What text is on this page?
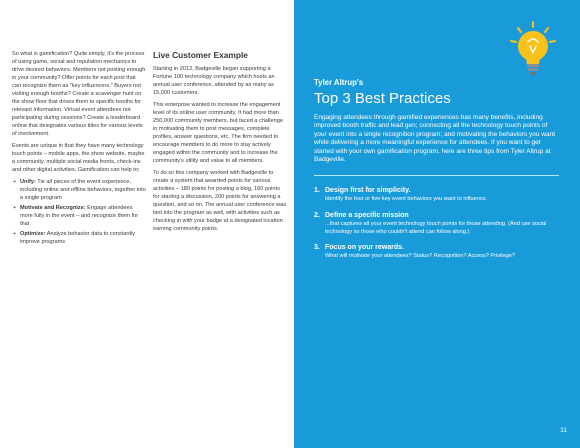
So what is gamification? Quite simply, it's the process of using game, social and reputation mechanics to drive desired behaviors. Members not posting enough in your community? Offer points for each post that can recognize them as "key influencers." Buyers not visiting enough booths? Create a scavenger hunt on the show floor that drives them to specific booths for relevant information. Virtual event attendees not participating during sessions? Create a leaderboard online that designates various titles for various levels of involvement.

Events are unique in that they have many technology touch points – mobile apps, the show website, maybe a community, multiple social media fronts, check-ins and other digital activities. Gamification can help to;

+ Unify: Tie all pieces of the event experience, including online and offline behaviors, together into a single program
+ Motivate and Recognize: Engage attendees more fully in the event – and recognize them for that
+ Optimize: Analyze behavior data to constantly improve programs
Live Customer Example

Starting in 2012, Badgeville began supporting a Fortune 100 technology company which hosts an annual user conference, attended by as many as 15,000 customers.

This enterprise wanted to increase the engagement level of its online user community. It had more than 250,000 community members, but faced a challenge in motivating them to post messages, complete profiles, answer questions, etc. The firm needed to encourage members to do more to stay actively engaged within the community and to increase the community's utility and value to all members.

To do so this company worked with Badgeville to create a system that awarded points for various activities – 180 points for posting a blog, 160 points for starting a discussion, 200 points for answering a question, and so on. The annual user conference was tied into the program as well, with activities such as checking in with your badge at a designated location earning community points.

Tyler Altrup's
Top 3 Best Practices

Engaging attendees through gamified experiences has many benefits, including improved booth traffic and lead gen; connecting all the technology touch points of your event into a single recognition program; and motivating the behaviors you want while delivering a more meaningful experience for attendees. If you want to get started with your own gamification program, here are three tips from Tyler Altrup at Badgeville.

1. Design first for simplicity.
Identify the four or five key event behaviors you want to influence.
2. Define a specific mission
...that captures all your event technology touch points for those attending. (And use social technology so those who couldn't attend can follow along.)
3. Focus on your rewards.
What will motivate your attendees? Status? Recognition? Access? Privilege?
31
